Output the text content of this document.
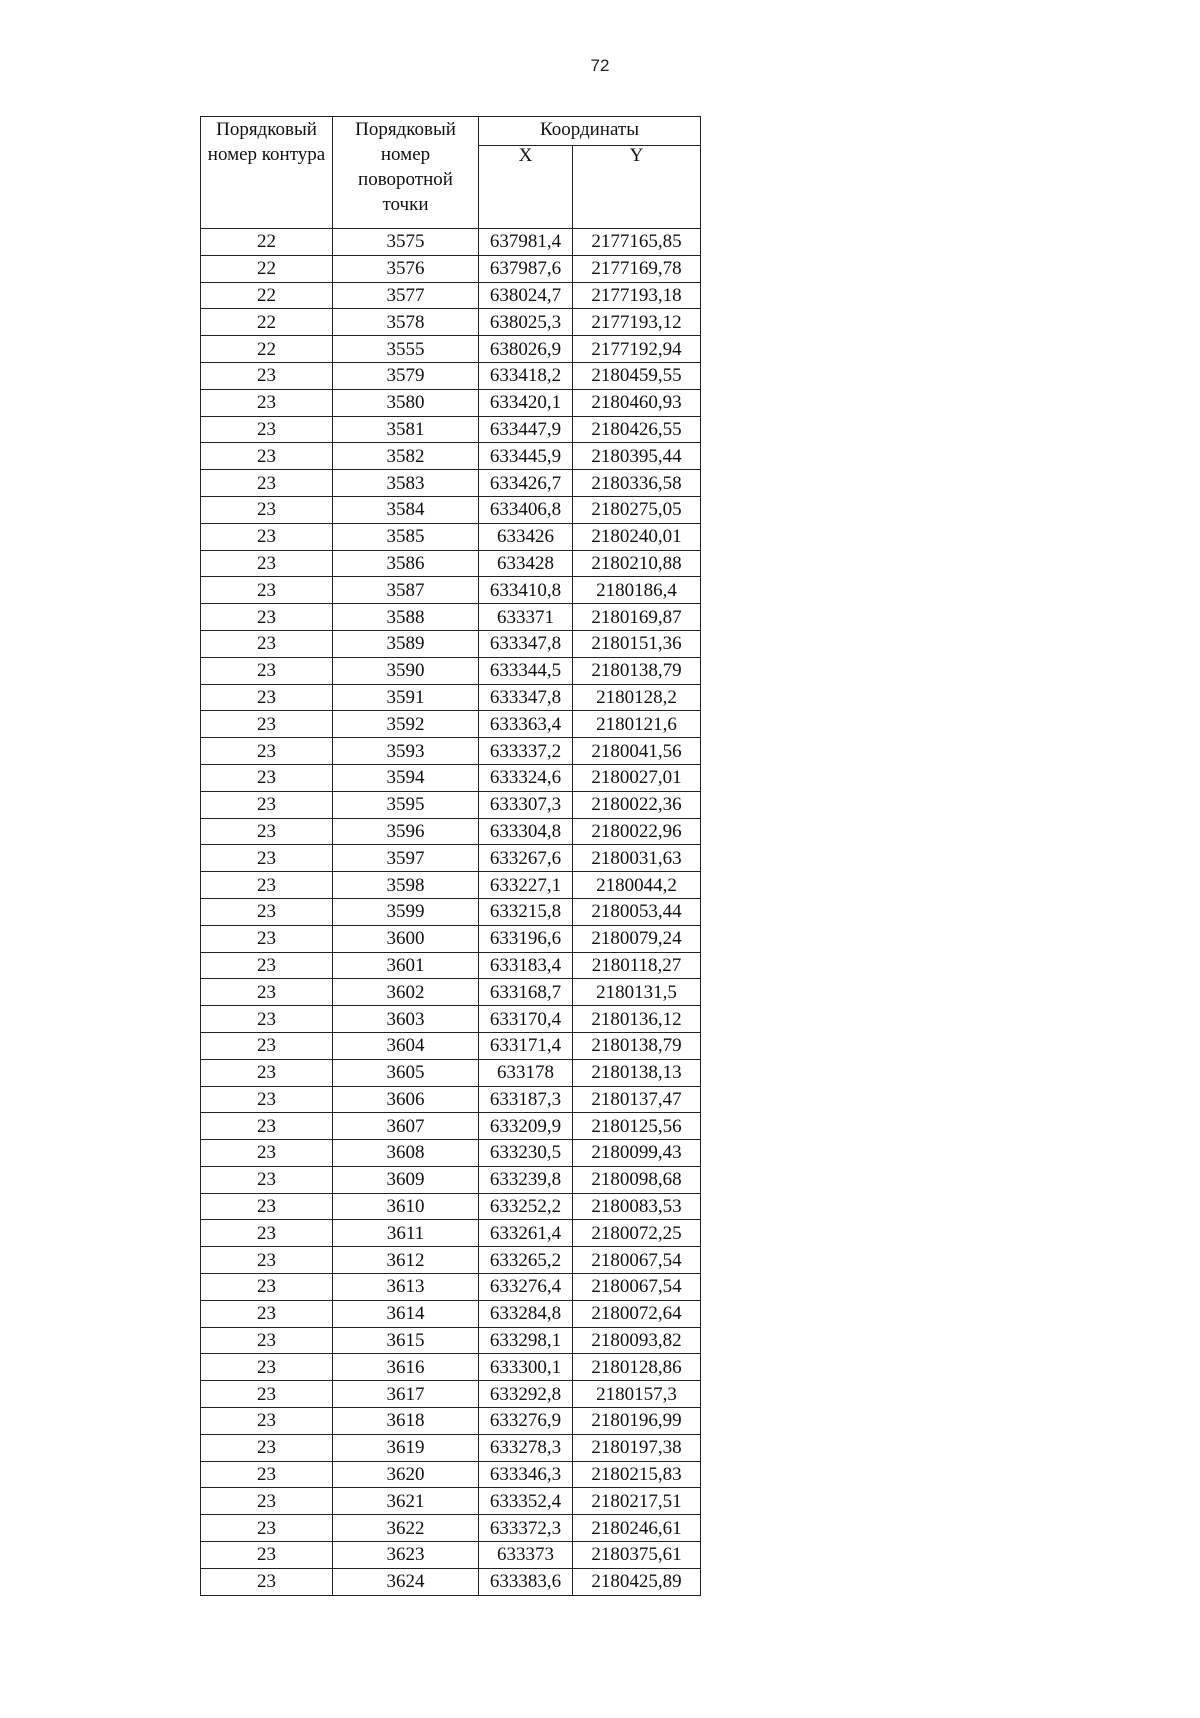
72
Порядковый номер контура	Порядковый номер поворотной точки	Координаты	
		X	Y
22	3575	637981,4	2177165,85
22	3576	637987,6	2177169,78
22	3577	638024,7	2177193,18
22	3578	638025,3	2177193,12
22	3555	638026,9	2177192,94
23	3579	633418,2	2180459,55
23	3580	633420,1	2180460,93
23	3581	633447,9	2180426,55
23	3582	633445,9	2180395,44
23	3583	633426,7	2180336,58
23	3584	633406,8	2180275,05
23	3585	633426	2180240,01
23	3586	633428	2180210,88
23	3587	633410,8	2180186,4
23	3588	633371	2180169,87
23	3589	633347,8	2180151,36
23	3590	633344,5	2180138,79
23	3591	633347,8	2180128,2
23	3592	633363,4	2180121,6
23	3593	633337,2	2180041,56
23	3594	633324,6	2180027,01
23	3595	633307,3	2180022,36
23	3596	633304,8	2180022,96
23	3597	633267,6	2180031,63
23	3598	633227,1	2180044,2
23	3599	633215,8	2180053,44
23	3600	633196,6	2180079,24
23	3601	633183,4	2180118,27
23	3602	633168,7	2180131,5
23	3603	633170,4	2180136,12
23	3604	633171,4	2180138,79
23	3605	633178	2180138,13
23	3606	633187,3	2180137,47
23	3607	633209,9	2180125,56
23	3608	633230,5	2180099,43
23	3609	633239,8	2180098,68
23	3610	633252,2	2180083,53
23	3611	633261,4	2180072,25
23	3612	633265,2	2180067,54
23	3613	633276,4	2180067,54
23	3614	633284,8	2180072,64
23	3615	633298,1	2180093,82
23	3616	633300,1	2180128,86
23	3617	633292,8	2180157,3
23	3618	633276,9	2180196,99
23	3619	633278,3	2180197,38
23	3620	633346,3	2180215,83
23	3621	633352,4	2180217,51
23	3622	633372,3	2180246,61
23	3623	633373	2180375,61
23	3624	633383,6	2180425,89
